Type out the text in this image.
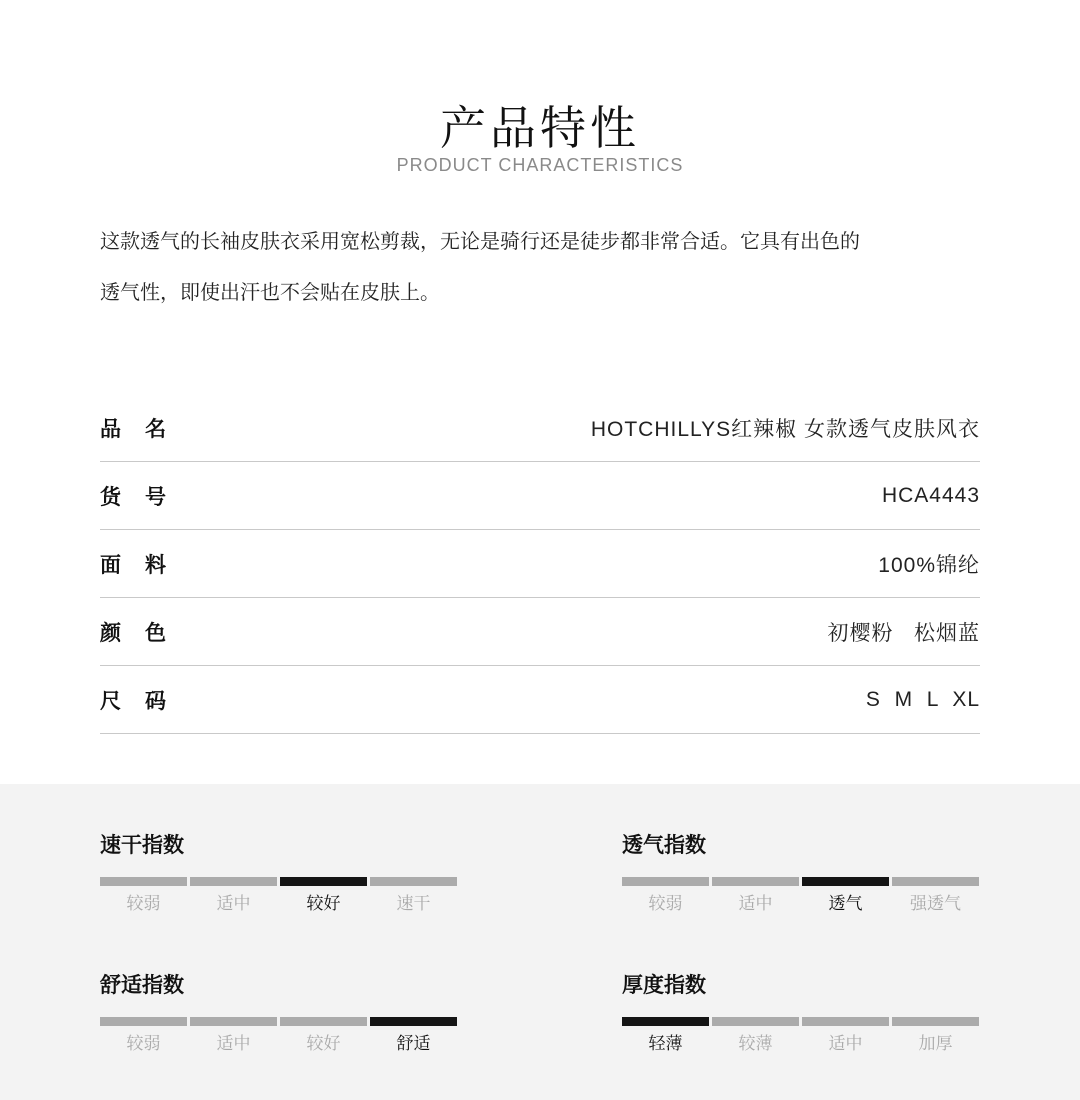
产品特性
PRODUCT CHARACTERISTICS
这款透气的长袖皮肤衣采用宽松剪裁，无论是骑行还是徒步都非常合适。它具有出色的
透气性，即使出汗也不会贴在皮肤上。
品名	HOTCHILLYS红辣椒 女款透气皮肤风衣
货号	HCA4443
面料	100%锦纶
颜色	初樱粉   松烟蓝
尺码	S  M  L  XL
速干指数
较弱	适中	较好	速干
透气指数
较弱	适中	透气	强透气
舒适指数
较弱	适中	较好	舒适
厚度指数
轻薄	较薄	适中	加厚
